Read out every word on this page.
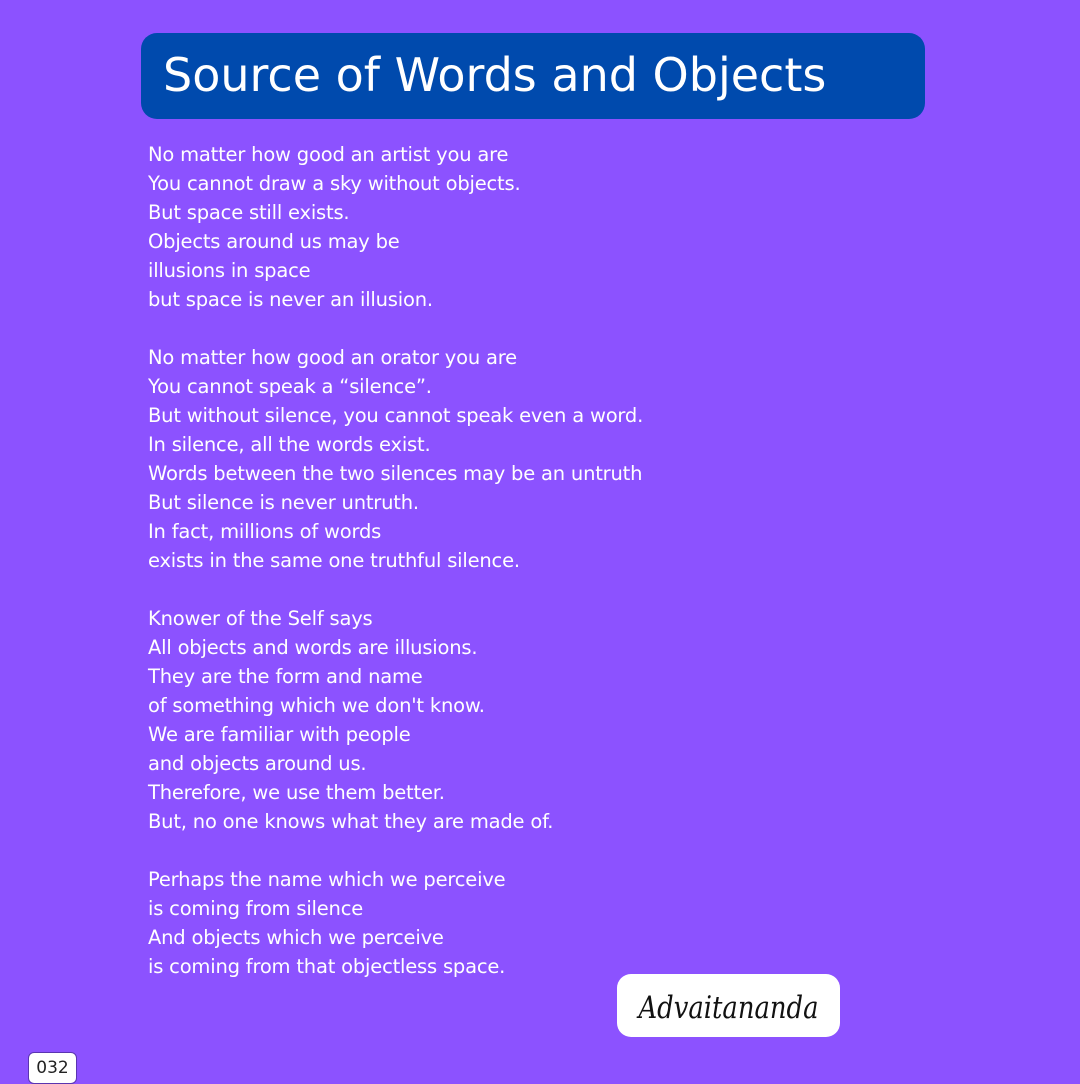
Source of Words and Objects
No matter how good an artist you are
You cannot draw a sky without objects.
But space still exists.
Objects around us may be
illusions in space
but space is never an illusion.
No matter how good an orator you are
You cannot speak a “silence”.
But without silence, you cannot speak even a word.
In silence, all the words exist.
Words between the two silences may be an untruth
But silence is never untruth.
In fact, millions of words
exists in the same one truthful silence.
Knower of the Self says
All objects and words are illusions.
They are the form and name
of something which we don't know.
We are familiar with people
and objects around us.
Therefore, we use them better.
But, no one knows what they are made of.
Perhaps the name which we perceive
is coming from silence
And objects which we perceive
is coming from that objectless space.
Advaitananda
032
